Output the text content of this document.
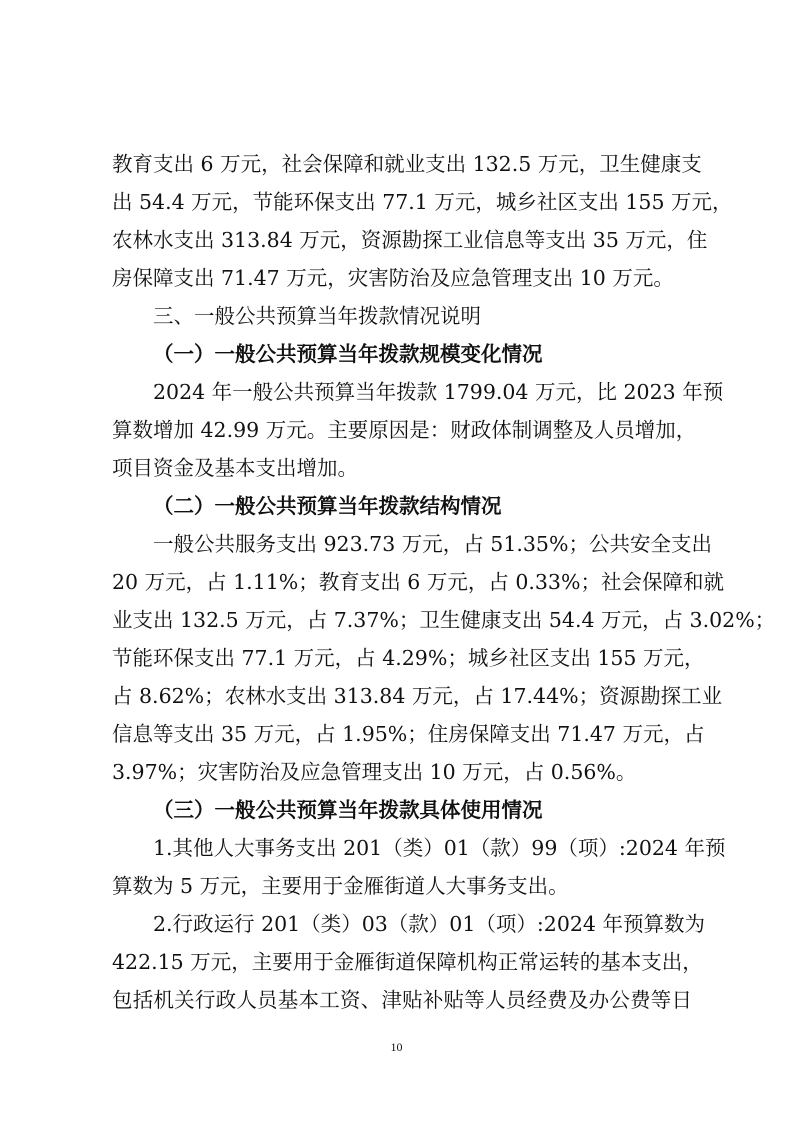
教育支出 6 万元，社会保障和就业支出 132.5 万元，卫生健康支
出 54.4 万元，节能环保支出 77.1 万元，城乡社区支出 155 万元，
农林水支出 313.84 万元，资源勘探工业信息等支出 35 万元，住
房保障支出 71.47 万元，灾害防治及应急管理支出 10 万元。
三、一般公共预算当年拨款情况说明
（一）一般公共预算当年拨款规模变化情况
2024 年一般公共预算当年拨款 1799.04 万元，比 2023 年预
算数增加 42.99 万元。主要原因是：财政体制调整及人员增加，
项目资金及基本支出增加。
（二）一般公共预算当年拨款结构情况
一般公共服务支出 923.73 万元，占 51.35%；公共安全支出
20 万元，占 1.11%；教育支出 6 万元，占 0.33%；社会保障和就
业支出 132.5 万元，占 7.37%；卫生健康支出 54.4 万元，占 3.02%；
节能环保支出 77.1 万元，占 4.29%；城乡社区支出 155 万元，
占 8.62%；农林水支出 313.84 万元，占 17.44%；资源勘探工业
信息等支出 35 万元，占 1.95%；住房保障支出 71.47 万元，占
3.97%；灾害防治及应急管理支出 10 万元，占 0.56%。
（三）一般公共预算当年拨款具体使用情况
1.其他人大事务支出 201（类）01（款）99（项）:2024 年预
算数为 5 万元，主要用于金雁街道人大事务支出。
2.行政运行 201（类）03（款）01（项）:2024 年预算数为
422.15 万元，主要用于金雁街道保障机构正常运转的基本支出，
包括机关行政人员基本工资、津贴补贴等人员经费及办公费等日
10
